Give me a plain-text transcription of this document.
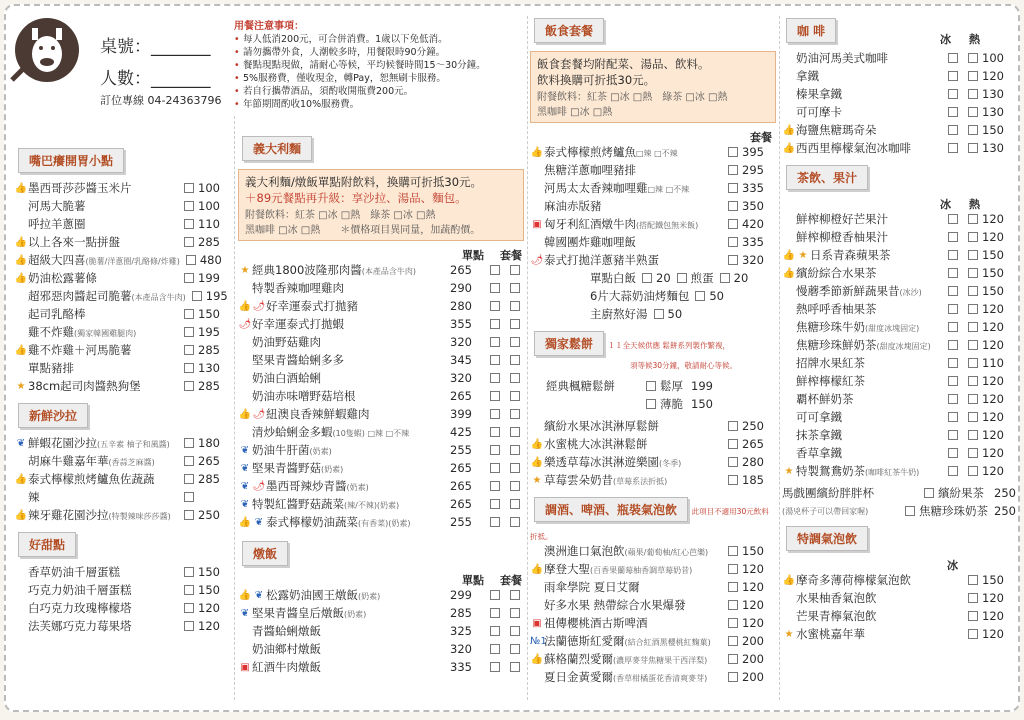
桌號：_______
人數：_______
訂位專線 04-24363796
用餐注意事項：
• 每人低消200元，可合併消費。1歲以下免低消。
• 請勿攜帶外食，人潮較多時，用餐限時90分鐘。
• 餐點現點現做，請耐心等候，平均候餐時間15～30分鐘。
• 5%服務費，僅收現金，轉Pay，恕無刷卡服務。
• 若自行攜帶酒品，須酌收開瓶費200元。
• 年節期間酌收10%服務費。
嘴巴癢開胃小點
👍 墨西哥莎莎醬玉米片	100
河馬大脆薯	100
呼拉羊蔥圈	110
👍 以上各來一點拼盤	285
👍 超級大四喜(脆薯/洋蔥圈/乳酪條/炸雞) 480
👍 奶油松露薯條	199
超邪惡肉醬起司脆薯(本產品含牛肉) 195
起司乳酪棒	150
雞不炸雞(獨家韓國雞腿肉)	195
👍 雞不炸雞＋河馬脆薯	285
單點豬排	130
★ 38cm起司肉醬熱狗堡	285
新鮮沙拉
❦ 鮮蝦花園沙拉(五辛素 柚子和風醬)	180
胡麻牛雞嘉年華(香蒜芝麻醬)	265
👍 泰式檸檬煎烤鱸魚佐蔬蔬	285
辣
👍 辣牙雞花園沙拉(特製辣味莎莎醬)	250
好甜點
香草奶油千層蛋糕	150
巧克力奶油千層蛋糕	150
白巧克力玫瑰檸檬塔	120
法芙娜巧克力莓果塔	120
義大利麵
義大利麵/燉飯單點附飲料，換購可折抵30元。
＋89元餐點再升級：享沙拉、湯品、麵包。
附餐飲料：紅茶 □冰 □熱　綠茶 □冰 □熱
黑咖啡 □冰 □熱　　＊價格項目異同量，加蔬酌價。
單點 套餐
★ 經典1800波隆那肉醬(本產品含牛肉)	265
特製香辣咖哩雞肉	290
👍 🌶 好幸運泰式打拋豬	280
🌶 好幸運泰式打拋蝦	355
奶油野菇雞肉	320
堅果青醬蛤蜊多多	345
奶油白酒蛤蜊	320
奶油赤味噌野菇培根	265
👍 🌶 紐澳良香辣鮮蝦雞肉	399
清炒蛤蜊金多蝦(10隻蝦) □辣 □不辣	425
❦ 奶油牛肝菌(奶素)	255
❦ 堅果青醬野菇(奶素)	265
❦ 🌶 墨西哥辣炒青醬(奶素)	265
❦ 特製紅醬野菇蔬菜(辣/不辣)(奶素)	265
👍 ❦ 泰式檸檬奶油蔬菜(有香菜)(奶素)	255
燉飯
單點 套餐
👍 ❦ 松露奶油國王燉飯(奶素)	299
❦ 堅果青醬皇后燉飯(奶素)	285
青醬蛤蜊燉飯	325
奶油鄉村燉飯	320
▣ 紅酒牛肉燉飯	335
飯食套餐
飯食套餐均附配菜、湯品、飲料。
飲料換購可折抵30元。
附餐飲料：紅茶 □冰 □熱　綠茶 □冰 □熱
黑咖啡 □冰 □熱
套餐
👍 泰式檸檬煎烤鱸魚□辣 □不辣	395
焦糖洋蔥咖哩豬排	295
河馬太太香辣咖哩雞□辣 □不辣	335
麻油赤版豬	350
▣ 匈牙利紅酒燉牛肉(搭配鐵包無米飯)	420
韓國團炸雞咖哩飯	335
🌶 泰式打拋洋蔥豬半熟蛋	320
單點白飯 20 煎蛋 20
6片大蒜奶油烤麵包 50
主廚熬好湯 50
獨家鬆餅 １１全天候供應 鬆餅系列製作繁複，
須等候30分鐘，敬請耐心等候。
經典楓糖鬆餅	鬆厚 199
薄脆 150
繽紛水果冰淇淋厚鬆餅	250
👍 水蜜桃大冰淇淋鬆餅	265
👍 樂透草莓冰淇淋遊樂園(冬季)	280
★ 草莓雲朵奶昔(草莓系法折抵)	185
調酒、啤酒、瓶裝氣泡飲 此項目不適用30元飲料折抵。
澳洲進口氣泡飲(蘋果/葡萄柚/紅心芭樂)	150
👍 摩登大聖(百香果蘭莓柚香調草莓奶昔)	120
雨傘學院 夏日艾爾	120
好多水果 熱帶綜合水果爆發	120
▣ 祖傳櫻桃酒古斯啤酒	120
№1
法蘭德斯紅愛爾(結合紅酒黑櫻桃紅麴菓)	200
👍 蘇格蘭烈愛爾(濃厚麥芽焦糖果干西洋梨)	200
夏日金黃愛爾(香草柑橘蛋花香清爽麥芽)	200
咖 啡
冰 熱
奶油河馬美式咖啡	100
拿鐵	120
榛果拿鐵	130
可可摩卡	130
👍 海鹽焦糖瑪奇朵	150
👍 西西里檸檬氣泡冰咖啡	130
茶飲、果汁
冰 熱
鮮榨柳橙好芒果汁	120
鮮榨柳橙香柚果汁	120
👍 ★ 日系青森蘋果茶	150
👍 繽紛綜合水果茶	150
慢蘑季節新鮮蔬果昔(冰沙)	150
熱呼呼香柚果茶	120
焦糖珍珠牛奶(甜度冰塊固定)	120
焦糖珍珠鮮奶茶(甜度冰塊固定)	120
招牌水果紅茶	110
鮮榨檸檬紅茶	120
覇杯鮮奶茶	120
可可拿鐵	120
抹茶拿鐵	120
香草拿鐵	120
★ 特製鴛鴦奶茶(咖啡紅茶牛奶)	120
馬戲團繽紛胖胖杯	繽紛果茶 250
(湯兇杯子可以帶回家喔)	焦糖珍珠奶茶 250
特調氣泡飲
冰
👍 摩奇多薄荷檸檬氣泡飲	150
水果柚香氣泡飲	120
芒果青檸氣泡飲	120
★ 水蜜桃嘉年華	120
